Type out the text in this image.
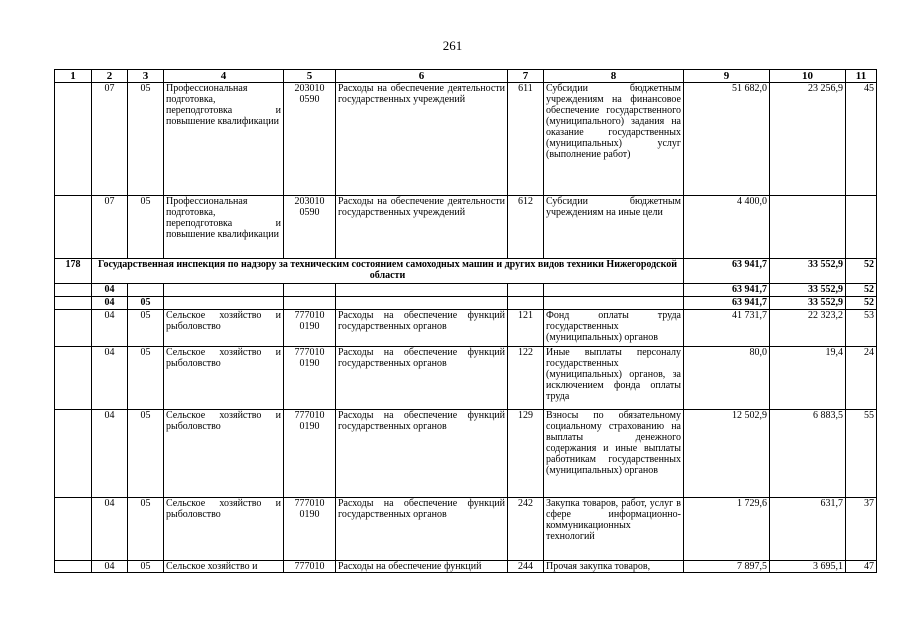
261
1	2	3	4	5	6	7	8	9	10	11
	07	05	Профессиональная подготовка, переподготовка и повышение квалификации	203010 0590	Расходы на обеспечение деятельности государственных учреждений	611	Субсидии бюджетным учреждениям на финансовое обеспечение государственного (муниципального) задания на оказание государственных (муниципальных) услуг (выполнение работ)	51 682,0	23 256,9	45
	07	05	Профессиональная подготовка, переподготовка и повышение квалификации	203010 0590	Расходы на обеспечение деятельности государственных учреждений	612	Субсидии бюджетным учреждениям на иные цели	4 400,0		
178	Государственная инспекция по надзору за техническим состоянием самоходных машин и других видов техники Нижегородской области							63 941,7	33 552,9	52
	04							63 941,7	33 552,9	52
	04	05						63 941,7	33 552,9	52
	04	05	Сельское хозяйство и рыболовство	777010 0190	Расходы на обеспечение функций государственных органов	121	Фонд оплаты труда государственных (муниципальных) органов	41 731,7	22 323,2	53
	04	05	Сельское хозяйство и рыболовство	777010 0190	Расходы на обеспечение функций государственных органов	122	Иные выплаты персоналу государственных (муниципальных) органов, за исключением фонда оплаты труда	80,0	19,4	24
	04	05	Сельское хозяйство и рыболовство	777010 0190	Расходы на обеспечение функций государственных органов	129	Взносы по обязательному социальному страхованию на выплаты денежного содержания и иные выплаты работникам государственных (муниципальных) органов	12 502,9	6 883,5	55
	04	05	Сельское хозяйство и рыболовство	777010 0190	Расходы на обеспечение функций государственных органов	242	Закупка товаров, работ, услуг в сфере информационно-коммуникационных технологий	1 729,6	631,7	37
	04	05	Сельское хозяйство и	777010	Расходы на обеспечение функций	244	Прочая закупка товаров,	7 897,5	3 695,1	47
